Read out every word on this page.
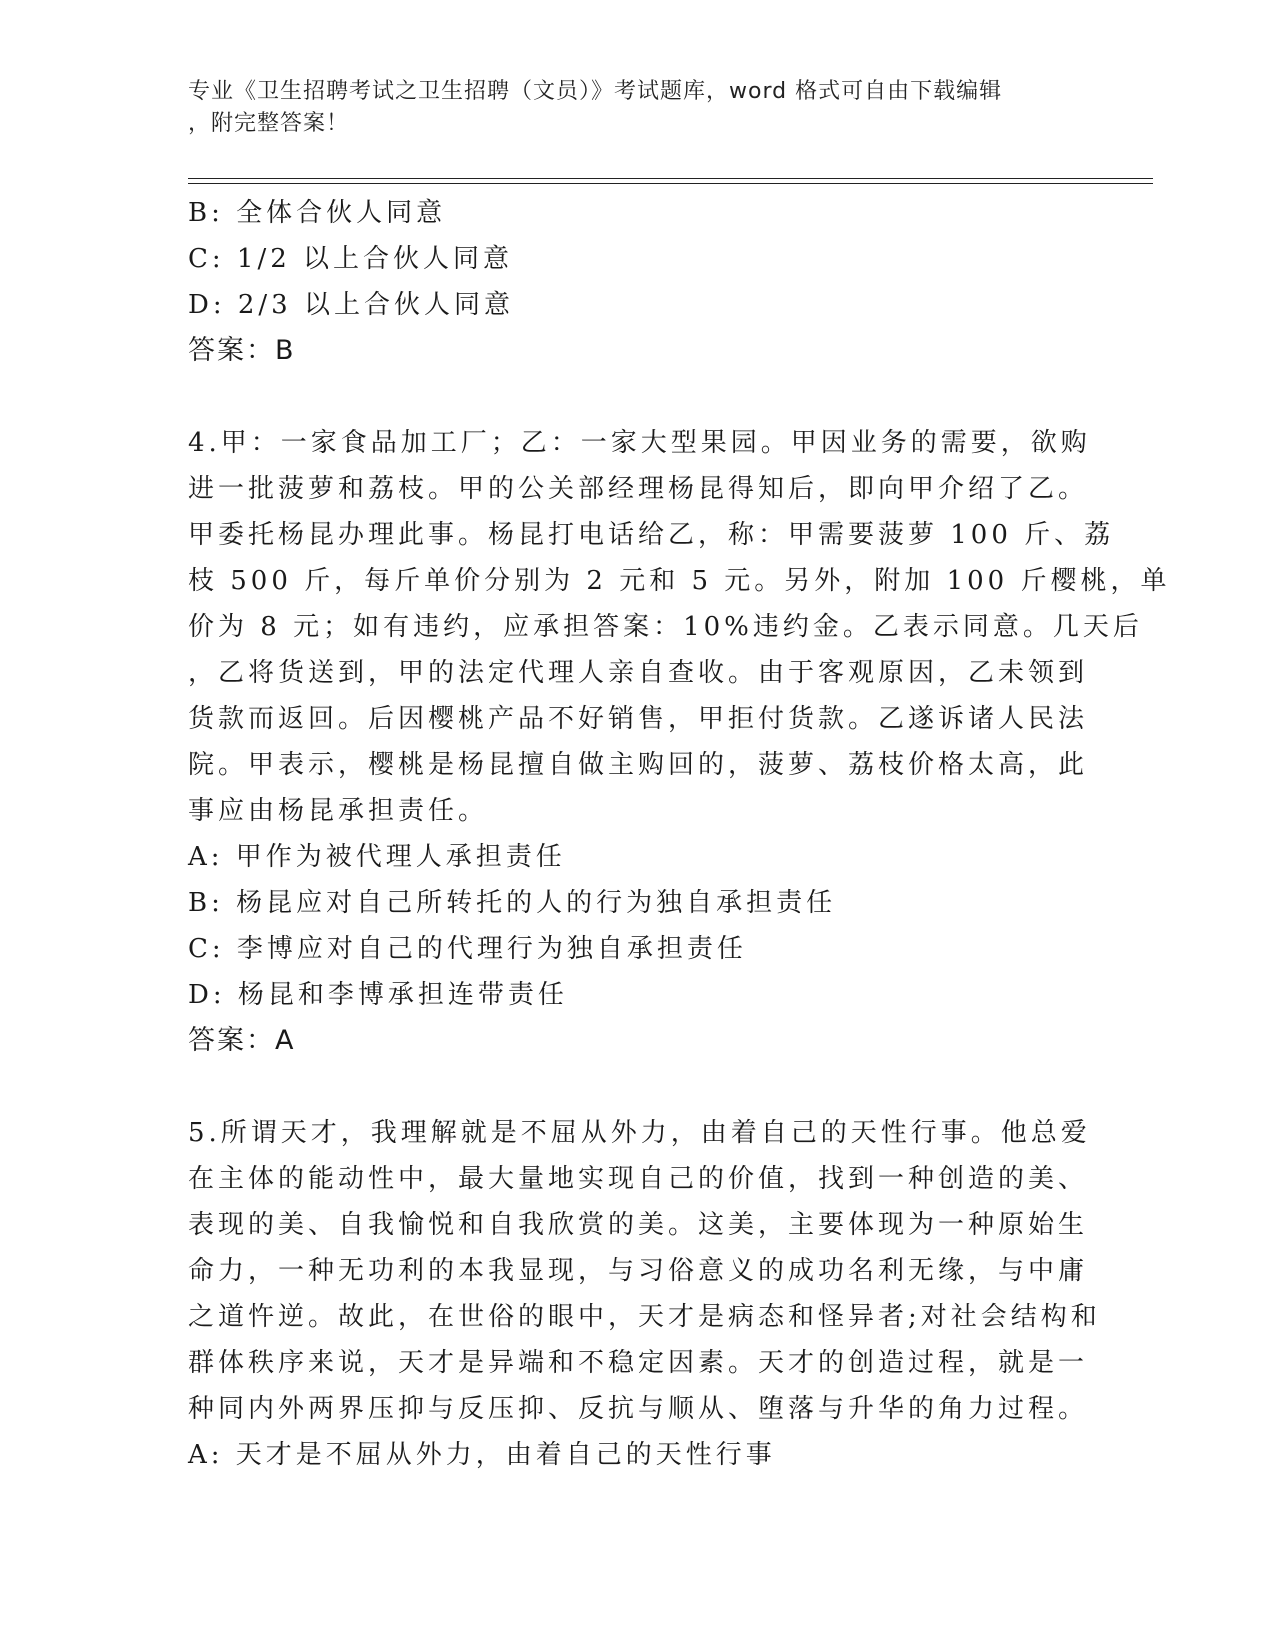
专业《卫生招聘考试之卫生招聘（文员）》考试题库，word 格式可自由下载编辑
，附完整答案！
B: 全体合伙人同意
C: 1/2 以上合伙人同意
D: 2/3 以上合伙人同意
答案：B
4.甲：一家食品加工厂；乙：一家大型果园。甲因业务的需要，欲购
进一批菠萝和荔枝。甲的公关部经理杨昆得知后，即向甲介绍了乙。
甲委托杨昆办理此事。杨昆打电话给乙，称：甲需要菠萝 100 斤、荔
枝 500 斤，每斤单价分别为 2 元和 5 元。另外，附加 100 斤樱桃，单
价为 8 元；如有违约，应承担答案：10%违约金。乙表示同意。几天后
，乙将货送到，甲的法定代理人亲自查收。由于客观原因，乙未领到
货款而返回。后因樱桃产品不好销售，甲拒付货款。乙遂诉诸人民法
院。甲表示，樱桃是杨昆擅自做主购回的，菠萝、荔枝价格太高，此
事应由杨昆承担责任。
A: 甲作为被代理人承担责任
B: 杨昆应对自己所转托的人的行为独自承担责任
C: 李博应对自己的代理行为独自承担责任
D: 杨昆和李博承担连带责任
答案：A
5.所谓天才，我理解就是不屈从外力，由着自己的天性行事。他总爱
在主体的能动性中，最大量地实现自己的价值，找到一种创造的美、
表现的美、自我愉悦和自我欣赏的美。这美，主要体现为一种原始生
命力，一种无功利的本我显现，与习俗意义的成功名利无缘，与中庸
之道忤逆。故此，在世俗的眼中，天才是病态和怪异者;对社会结构和
群体秩序来说，天才是异端和不稳定因素。天才的创造过程，就是一
种同内外两界压抑与反压抑、反抗与顺从、堕落与升华的角力过程。
A: 天才是不屈从外力，由着自己的天性行事
